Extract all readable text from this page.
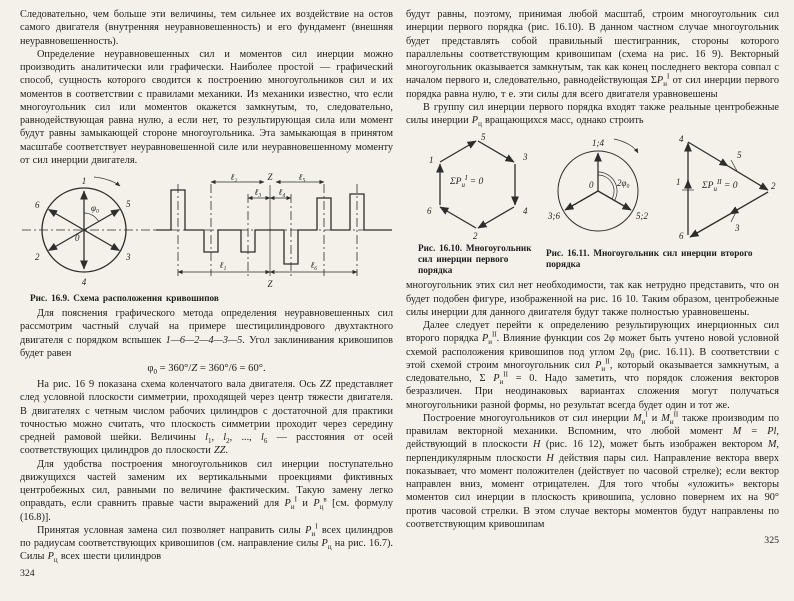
Следовательно, чем больше эти величины, тем сильнее их воздействие на остов самого двигателя (внутренняя неуравновешенность) и его фундамент (внешняя неуравновешенность).

Определение неуравновешенных сил и моментов сил инерции можно производить аналитически или графически. Наиболее простой — графический способ, сущность которого сводится к построению многоугольников сил и их моментов в соответствии с правилами механики. Из механики известно, что если многоугольник сил или моментов окажется замкнутым, то, следовательно, равнодействующая равна нулю, а если нет, то результирующая сила или момент будут равны замыкающей стороне многоугольника. Эта замыкающая в принятом масштабе соответствует неуравновешенной силе или неуравновешенному моменту от сил инерции двигателя.

1
5
3
4
2
6
0
φ₀
ℓ₂	Z	ℓ₅
ℓ₃ ℓ₄
ℓ₁	ℓ₆
Z
Рис. 16.9. Схема расположения кривошипов

Для пояснения графического метода определения неуравновешенных сил рассмотрим частный случай на примере шестицилиндрового двухтактного двигателя с порядком вспышек 1—6—2—4—3—5. Угол заклинивания кривошипов будет равен

$\varphi_0 = 360^\circ/Z = 360^\circ/6 = 60^\circ$.

На рис. 16 9 показана схема коленчатого вала двигателя. Ось ZZ представляет след условной плоскости симметрии, проходящей через центр тяжести двигателя. В двигателях с четным числом рабочих цилиндров с достаточной для практики точностью можно считать, что плоскость симметрии проходит через середину средней рамовой шейки. Величины $l_1$, $l_2$, ..., $l_6$ — расстояния от осей соответствующих цилиндров до плоскости ZZ.

Для удобства построения многоугольников сил инерции поступательно движущихся частей заменим их вертикальными проекциями фиктивных центробежных сил, равными по величине фактическим. Такую замену легко оправдать, если сравнить правые части выражений для $P_и^I$ и $P_ц^в$ [см. формулу (16.8)].

Принятая условная замена сил позволяет направить силы $P_и^I$ всех цилиндров по радиусам соответствующих кривошипов (см. направление силы $P_ц$ на рис. 16.7). Силы $P_ц$ всех шести цилиндров

324

будут равны, поэтому, принимая любой масштаб, строим многоугольник сил инерции первого порядка (рис. 16.10). В данном частном случае многоугольник будет представлять собой правильный шестигранник, стороны которого параллельны соответствующим кривошипам (схема на рис. 16 9). Векторный многоугольник оказывается замкнутым, так как конец последнего вектора совпал с началом первого и, следовательно, равнодействующая $\Sigma P_и^I$ от сил инерции первого порядка равна нулю, т е. эти силы для всего двигателя уравновешены

В группу сил инерции первого порядка входят также реальные центробежные силы инерции $P_ц$ вращающихся масс, однако строить

1
5
3
4
2
6
$\Sigma P_и^I = 0$
Рис. 16.10. Многоугольник сил инерции первого порядка
1;4
5;2
3;6
0	2φ₀
4
2
6
1
5
3
$\Sigma P_и^{II} = 0$
Рис. 16.11. Многоугольник сил инерции второго порядка

многоугольник этих сил нет необходимости, так как нетрудно представить, что он будет подобен фигуре, изображенной на рис. 16 10. Таким образом, центробежные силы инерции для данного двигателя будут также полностью уравновешены.

Далее следует перейти к определению результирующих инерционных сил второго порядка $P_и^{II}$. Влияние функции cos 2φ может быть учтено новой условной схемой расположения кривошипов под углом $2\varphi_0$ (рис. 16.11). В соответствии с этой схемой строим многоугольник сил $P_и^{II}$, который оказывается замкнутым, а следовательно, Σ $P_и^{II} = 0$. Надо заметить, что порядок сложения векторов безразличен. При неодинаковых вариантах сложения могут получаться многоугольники разной формы, но результат всегда будет один и тот же.

Построение многоугольников от сил инерции $M_и^I$ и $M_и^{II}$ также производим по правилам векторной механики. Вспомним, что любой момент M = Pl, действующий в плоскости H (рис. 16 12), может быть изображен вектором M, перпендикулярным плоскости H действия пары сил. Направление вектора вверх показывает, что момент положителен (действует по часовой стрелке); если вектор направлен вниз, момент отрицателен. Для того чтобы «уложить» векторы моментов сил инерции в плоскость кривошипа, условно повернем их на 90° против часовой стрелки. В этом случае векторы моментов будут направлены по соответствующим кривошипам

325
